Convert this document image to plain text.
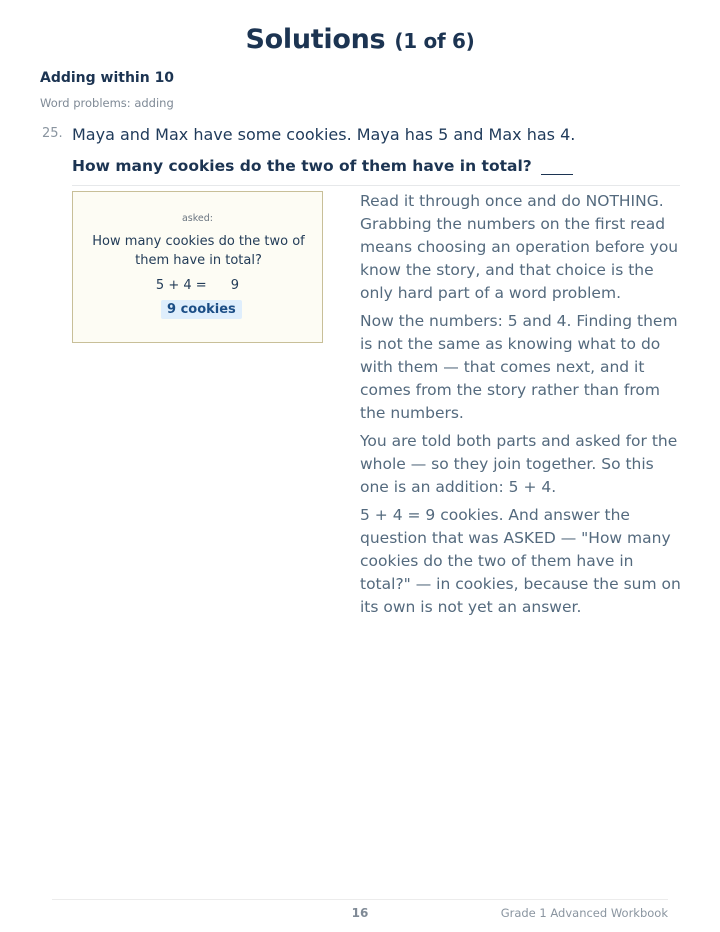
Solutions (1 of 6)
Adding within 10
Word problems: adding
25. Maya and Max have some cookies. Maya has 5 and Max has 4.
How many cookies do the two of them have in total?
asked:
How many cookies do the two of them have in total?
5 + 4 = 9
9 cookies

Read it through once and do NOTHING. Grabbing the numbers on the first read means choosing an operation before you know the story, and that choice is the only hard part of a word problem.

Now the numbers: 5 and 4. Finding them is not the same as knowing what to do with them — that comes next, and it comes from the story rather than from the numbers.

You are told both parts and asked for the whole — so they join together. So this one is an addition: 5 + 4.

5 + 4 = 9 cookies. And answer the question that was ASKED — "How many cookies do the two of them have in total?" — in cookies, because the sum on its own is not yet an answer.

16	Grade 1 Advanced Workbook
